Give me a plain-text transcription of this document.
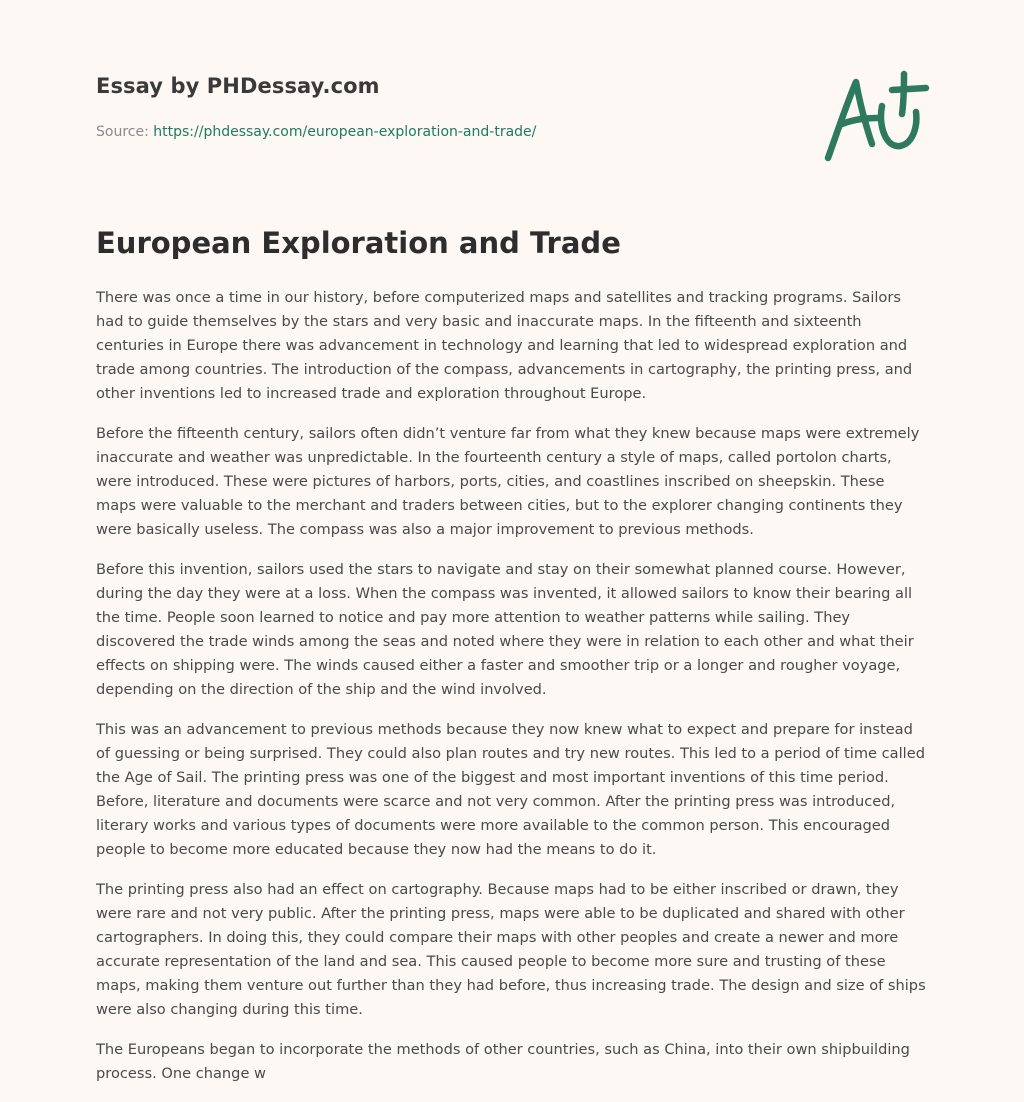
Essay by PHDessay.com
Source: https://phdessay.com/european-exploration-and-trade/
European Exploration and Trade

There was once a time in our history, before computerized maps and satellites and tracking programs. Sailors had to guide themselves by the stars and very basic and inaccurate maps. In the fifteenth and sixteenth centuries in Europe there was advancement in technology and learning that led to widespread exploration and trade among countries. The introduction of the compass, advancements in cartography, the printing press, and other inventions led to increased trade and exploration throughout Europe.

Before the fifteenth century, sailors often didn’t venture far from what they knew because maps were extremely inaccurate and weather was unpredictable. In the fourteenth century a style of maps, called portolon charts, were introduced. These were pictures of harbors, ports, cities, and coastlines inscribed on sheepskin. These maps were valuable to the merchant and traders between cities, but to the explorer changing continents they were basically useless. The compass was also a major improvement to previous methods.

Before this invention, sailors used the stars to navigate and stay on their somewhat planned course. However, during the day they were at a loss. When the compass was invented, it allowed sailors to know their bearing all the time. People soon learned to notice and pay more attention to weather patterns while sailing. They discovered the trade winds among the seas and noted where they were in relation to each other and what their effects on shipping were. The winds caused either a faster and smoother trip or a longer and rougher voyage, depending on the direction of the ship and the wind involved.

This was an advancement to previous methods because they now knew what to expect and prepare for instead of guessing or being surprised. They could also plan routes and try new routes. This led to a period of time called the Age of Sail. The printing press was one of the biggest and most important inventions of this time period. Before, literature and documents were scarce and not very common. After the printing press was introduced, literary works and various types of documents were more available to the common person. This encouraged people to become more educated because they now had the means to do it.

The printing press also had an effect on cartography. Because maps had to be either inscribed or drawn, they were rare and not very public. After the printing press, maps were able to be duplicated and shared with other cartographers. In doing this, they could compare their maps with other peoples and create a newer and more accurate representation of the land and sea. This caused people to become more sure and trusting of these maps, making them venture out further than they had before, thus increasing trade. The design and size of ships were also changing during this time.

The Europeans began to incorporate the methods of other countries, such as China, into their own shipbuilding process. One change w
